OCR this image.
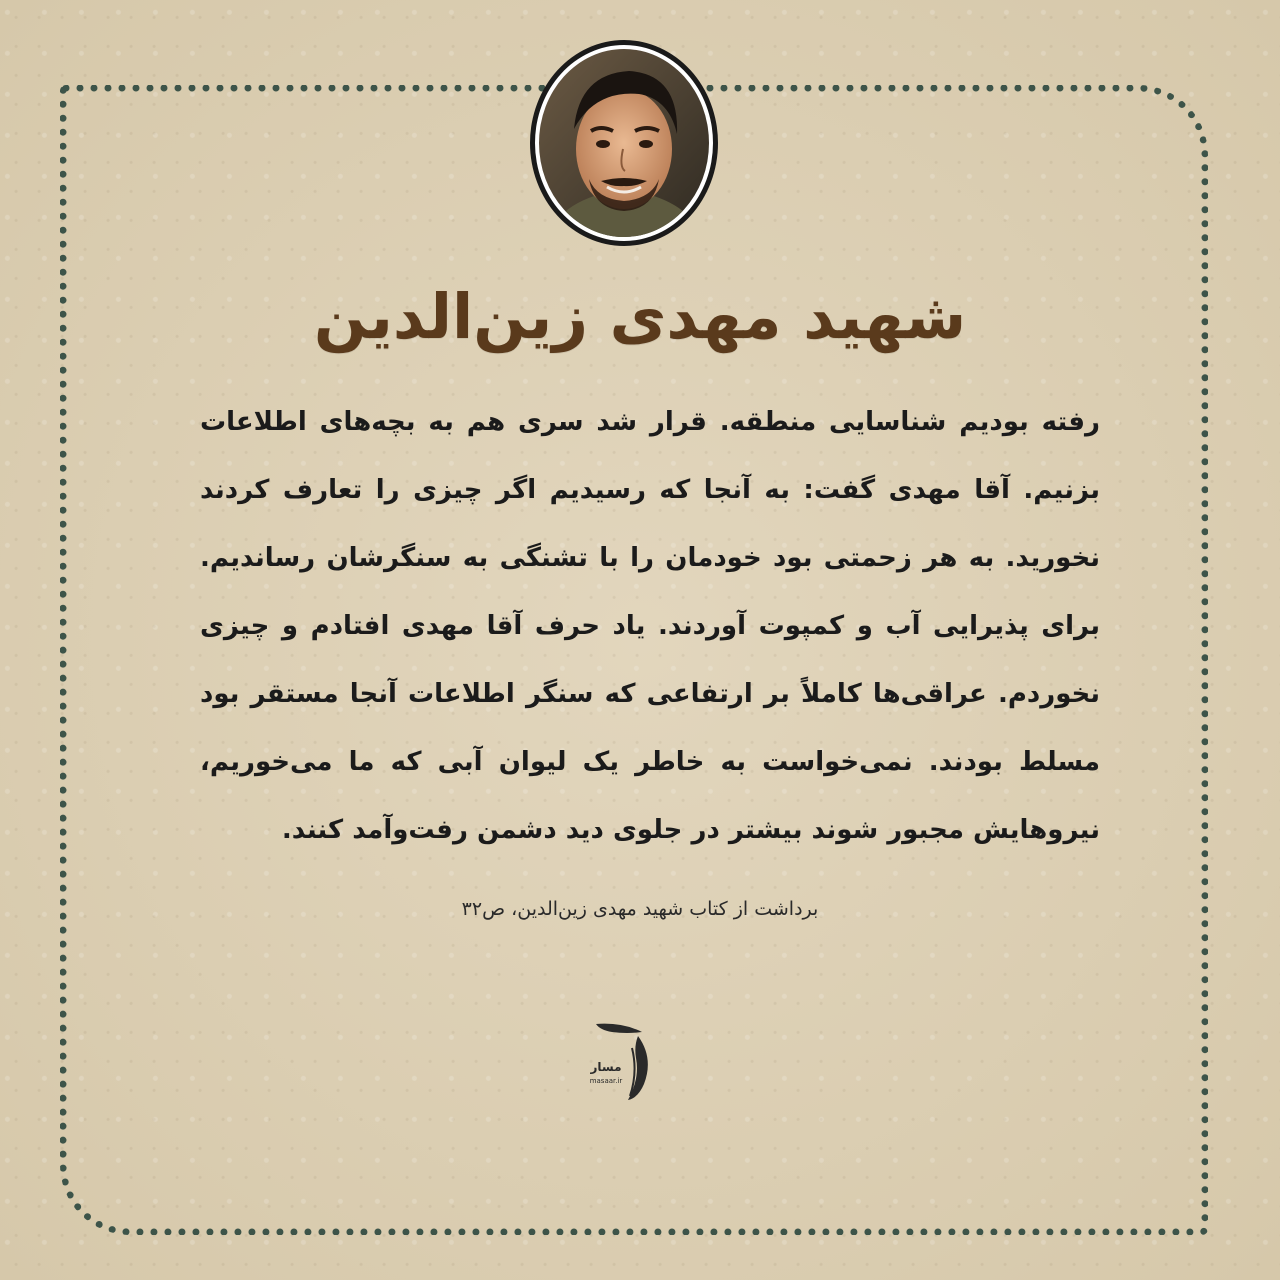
شهید مهدی زین‌الدین

رفته بودیم شناسایی منطقه. قرار شد سری هم به بچه‌های اطلاعات بزنیم. آقا مهدی گفت: به آنجا که رسیدیم اگر چیزی را تعارف کردند نخورید. به هر زحمتی بود خودمان را با تشنگی به سنگرشان رساندیم. برای پذیرایی آب و کمپوت آوردند. یاد حرف آقا مهدی افتادم و چیزی نخوردم. عراقی‌ها کاملاً بر ارتفاعی که سنگر اطلاعات آنجا مستقر بود مسلط بودند. نمی‌خواست به خاطر یک لیوان آبی که ما می‌خوریم، نیروهایش مجبور شوند بیشتر در جلوی دید دشمن رفت‌وآمد کنند.

برداشت از کتاب شهید مهدی زین‌الدین، ص۳۲
مسار
masaar.ir
